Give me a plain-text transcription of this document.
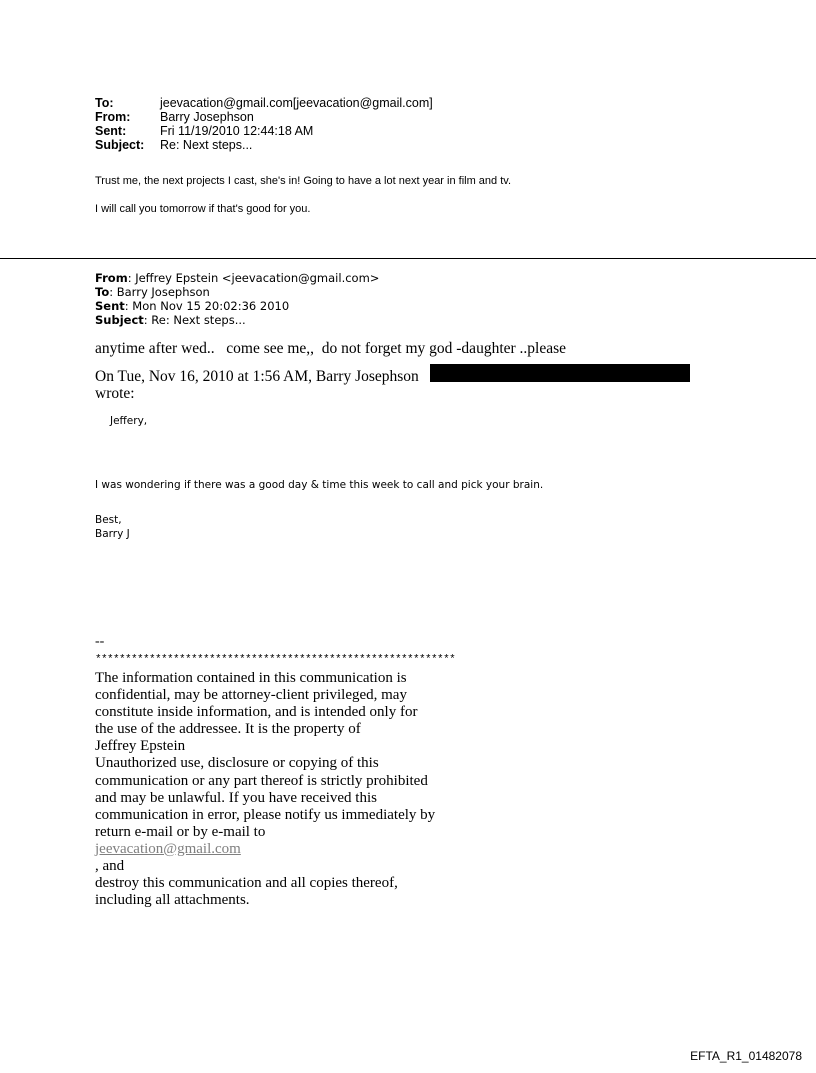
To:	jeevacation@gmail.com[jeevacation@gmail.com]
From: Barry Josephson
Sent:	Fri 11/19/2010 12:44:18 AM
Subject: Re: Next steps...
Trust me, the next projects I cast, she's in! Going to have a lot next year in film and tv.
I will call you tomorrow if that's good for you.
From: Jeffrey Epstein <jeevacation@gmail.com>
To: Barry Josephson
Sent: Mon Nov 15 20:02:36 2010
Subject: Re: Next steps...
anytime after wed..   come see me,,  do not forget my god -daughter ..please
On Tue, Nov 16, 2010 at 1:56 AM, Barry Josephson
wrote:
Jeffery,
I was wondering if there was a good day & time this week to call and pick your brain.
Best,
Barry J
--
************************************************************
The information contained in this communication is
confidential, may be attorney-client privileged, may
constitute inside information, and is intended only for
the use of the addressee. It is the property of
Jeffrey Epstein
Unauthorized use, disclosure or copying of this
communication or any part thereof is strictly prohibited
and may be unlawful. If you have received this
communication in error, please notify us immediately by
return e-mail or by e-mail to
jeevacation@gmail.com
, and
destroy this communication and all copies thereof,
including all attachments.
EFTA_R1_01482078
